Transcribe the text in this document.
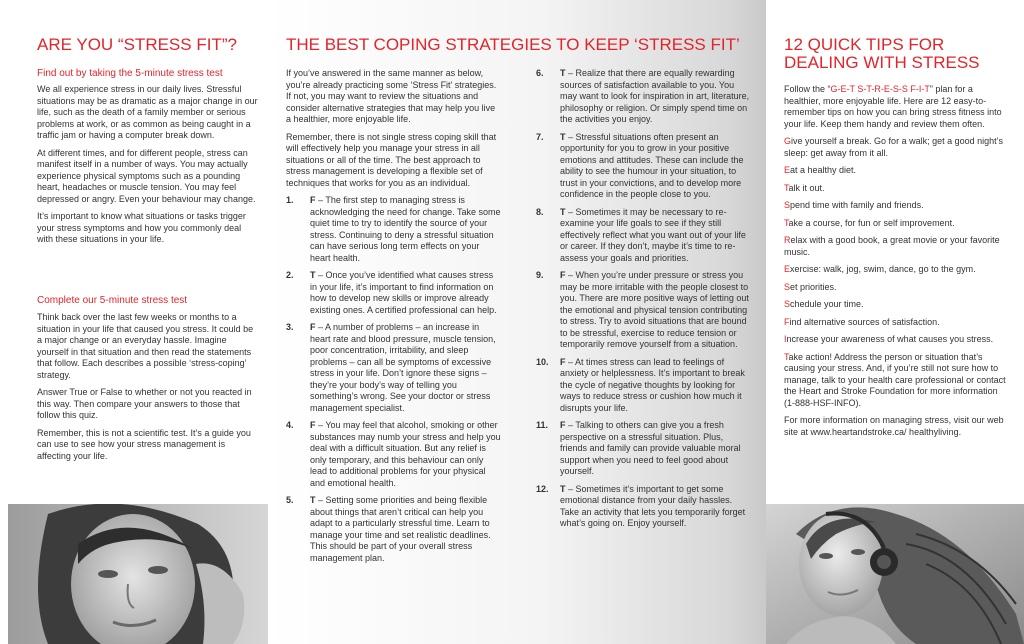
ARE YOU “STRESS FIT”?
Find out by taking the 5-minute stress test

We all experience stress in our daily lives. Stressful situations may be as dramatic as a major change in our life, such as the death of a family member or serious problems at work, or as common as being caught in a traffic jam or having a computer break down.

At different times, and for different people, stress can manifest itself in a number of ways. You may actually experience physical symptoms such as a pounding heart, headaches or muscle tension. You may feel depressed or angry. Even your behaviour may change.

It’s important to know what situations or tasks trigger your stress symptoms and how you commonly deal with these situations in your life.

Complete our 5-minute stress test

Think back over the last few weeks or months to a situation in your life that caused you stress. It could be a major change or an everyday hassle. Imagine yourself in that situation and then read the statements that follow. Each describes a possible ‘stress-coping’ strategy.

Answer True or False to whether or not you reacted in this way. Then compare your answers to those that follow this quiz.

Remember, this is not a scientific test. It’s a guide you can use to see how your stress management is affecting your life.

THE BEST COPING STRATEGIES TO KEEP ‘STRESS FIT’

If you’ve answered in the same manner as below, you’re already practicing some ‘Stress Fit’ strategies. If not, you may want to review the situations and consider alternative strategies that may help you live a healthier, more enjoyable life.

Remember, there is not single stress coping skill that will effectively help you manage your stress in all situations or all of the time. The best approach to stress management is developing a flexible set of techniques that works for you as an individual.

1. F – The first step to managing stress is acknowledging the need for change. Take some quiet time to try to identify the source of your stress. Continuing to deny a stressful situation can have serious long term effects on your heart health.
2. T – Once you’ve identified what causes stress in your life, it’s important to find information on how to develop new skills or improve already existing ones. A certified professional can help.
3. F – A number of problems – an increase in heart rate and blood pressure, muscle tension, poor concentration, irritability, and sleep problems – can all be symptoms of excessive stress in your life. Don’t ignore these signs – they’re your body’s way of telling you something’s wrong. See your doctor or stress management specialist.
4. F – You may feel that alcohol, smoking or other substances may numb your stress and help you deal with a difficult situation. But any relief is only temporary, and this behaviour can only lead to additional problems for your physical and emotional health.
5. T – Setting some priorities and being flexible about things that aren’t critical can help you adapt to a particularly stressful time. Learn to manage your time and set realistic deadlines. This should be part of your overall stress management plan.
6. T – Realize that there are equally rewarding sources of satisfaction available to you. You may want to look for inspiration in art, literature, philosophy or religion. Or simply spend time on the activities you enjoy.
7. T – Stressful situations often present an opportunity for you to grow in your positive emotions and attitudes. These can include the ability to see the humour in your situation, to trust in your convictions, and to develop more confidence in the people close to you.
8. T – Sometimes it may be necessary to re-examine your life goals to see if they still effectively reflect what you want out of your life or career. If they don’t, maybe it’s time to re-assess your goals and priorities.
9. F – When you’re under pressure or stress you may be more irritable with the people closest to you. There are more positive ways of letting out the emotional and physical tension contributing to stress. Try to avoid situations that are bound to be stressful, exercise to reduce tension or temporarily remove yourself from a situation.
10. F – At times stress can lead to feelings of anxiety or helplessness. It’s important to break the cycle of negative thoughts by looking for ways to reduce stress or cushion how much it disrupts your life.
11. F – Talking to others can give you a fresh perspective on a stressful situation. Plus, friends and family can provide valuable moral support when you need to feel good about yourself.
12. T – Sometimes it’s important to get some emotional distance from your daily hassles. Take an activity that lets you temporarily forget what’s going on. Enjoy yourself.
12 QUICK TIPS FOR DEALING WITH STRESS

Follow the “G-E-T S-T-R-E-S-S F-I-T” plan for a healthier, more enjoyable life. Here are 12 easy-to-remember tips on how you can bring stress fitness into your life. Keep them handy and review them often.

Give yourself a break. Go for a walk; get a good night’s sleep: get away from it all.

Eat a healthy diet.

Talk it out.

Spend time with family and friends.

Take a course, for fun or self improvement.

Relax with a good book, a great movie or your favorite music.

Exercise: walk, jog, swim, dance, go to the gym.

Set priorities.

Schedule your time.

Find alternative sources of satisfaction.

Increase your awareness of what causes you stress.

Take action! Address the person or situation that’s causing your stress. And, if you’re still not sure how to manage, talk to your health care professional or contact the Heart and Stroke Foundation for more information (1-888-HSF-INFO).

For more information on managing stress, visit our web site at www.heartandstroke.ca/ healthyliving.
